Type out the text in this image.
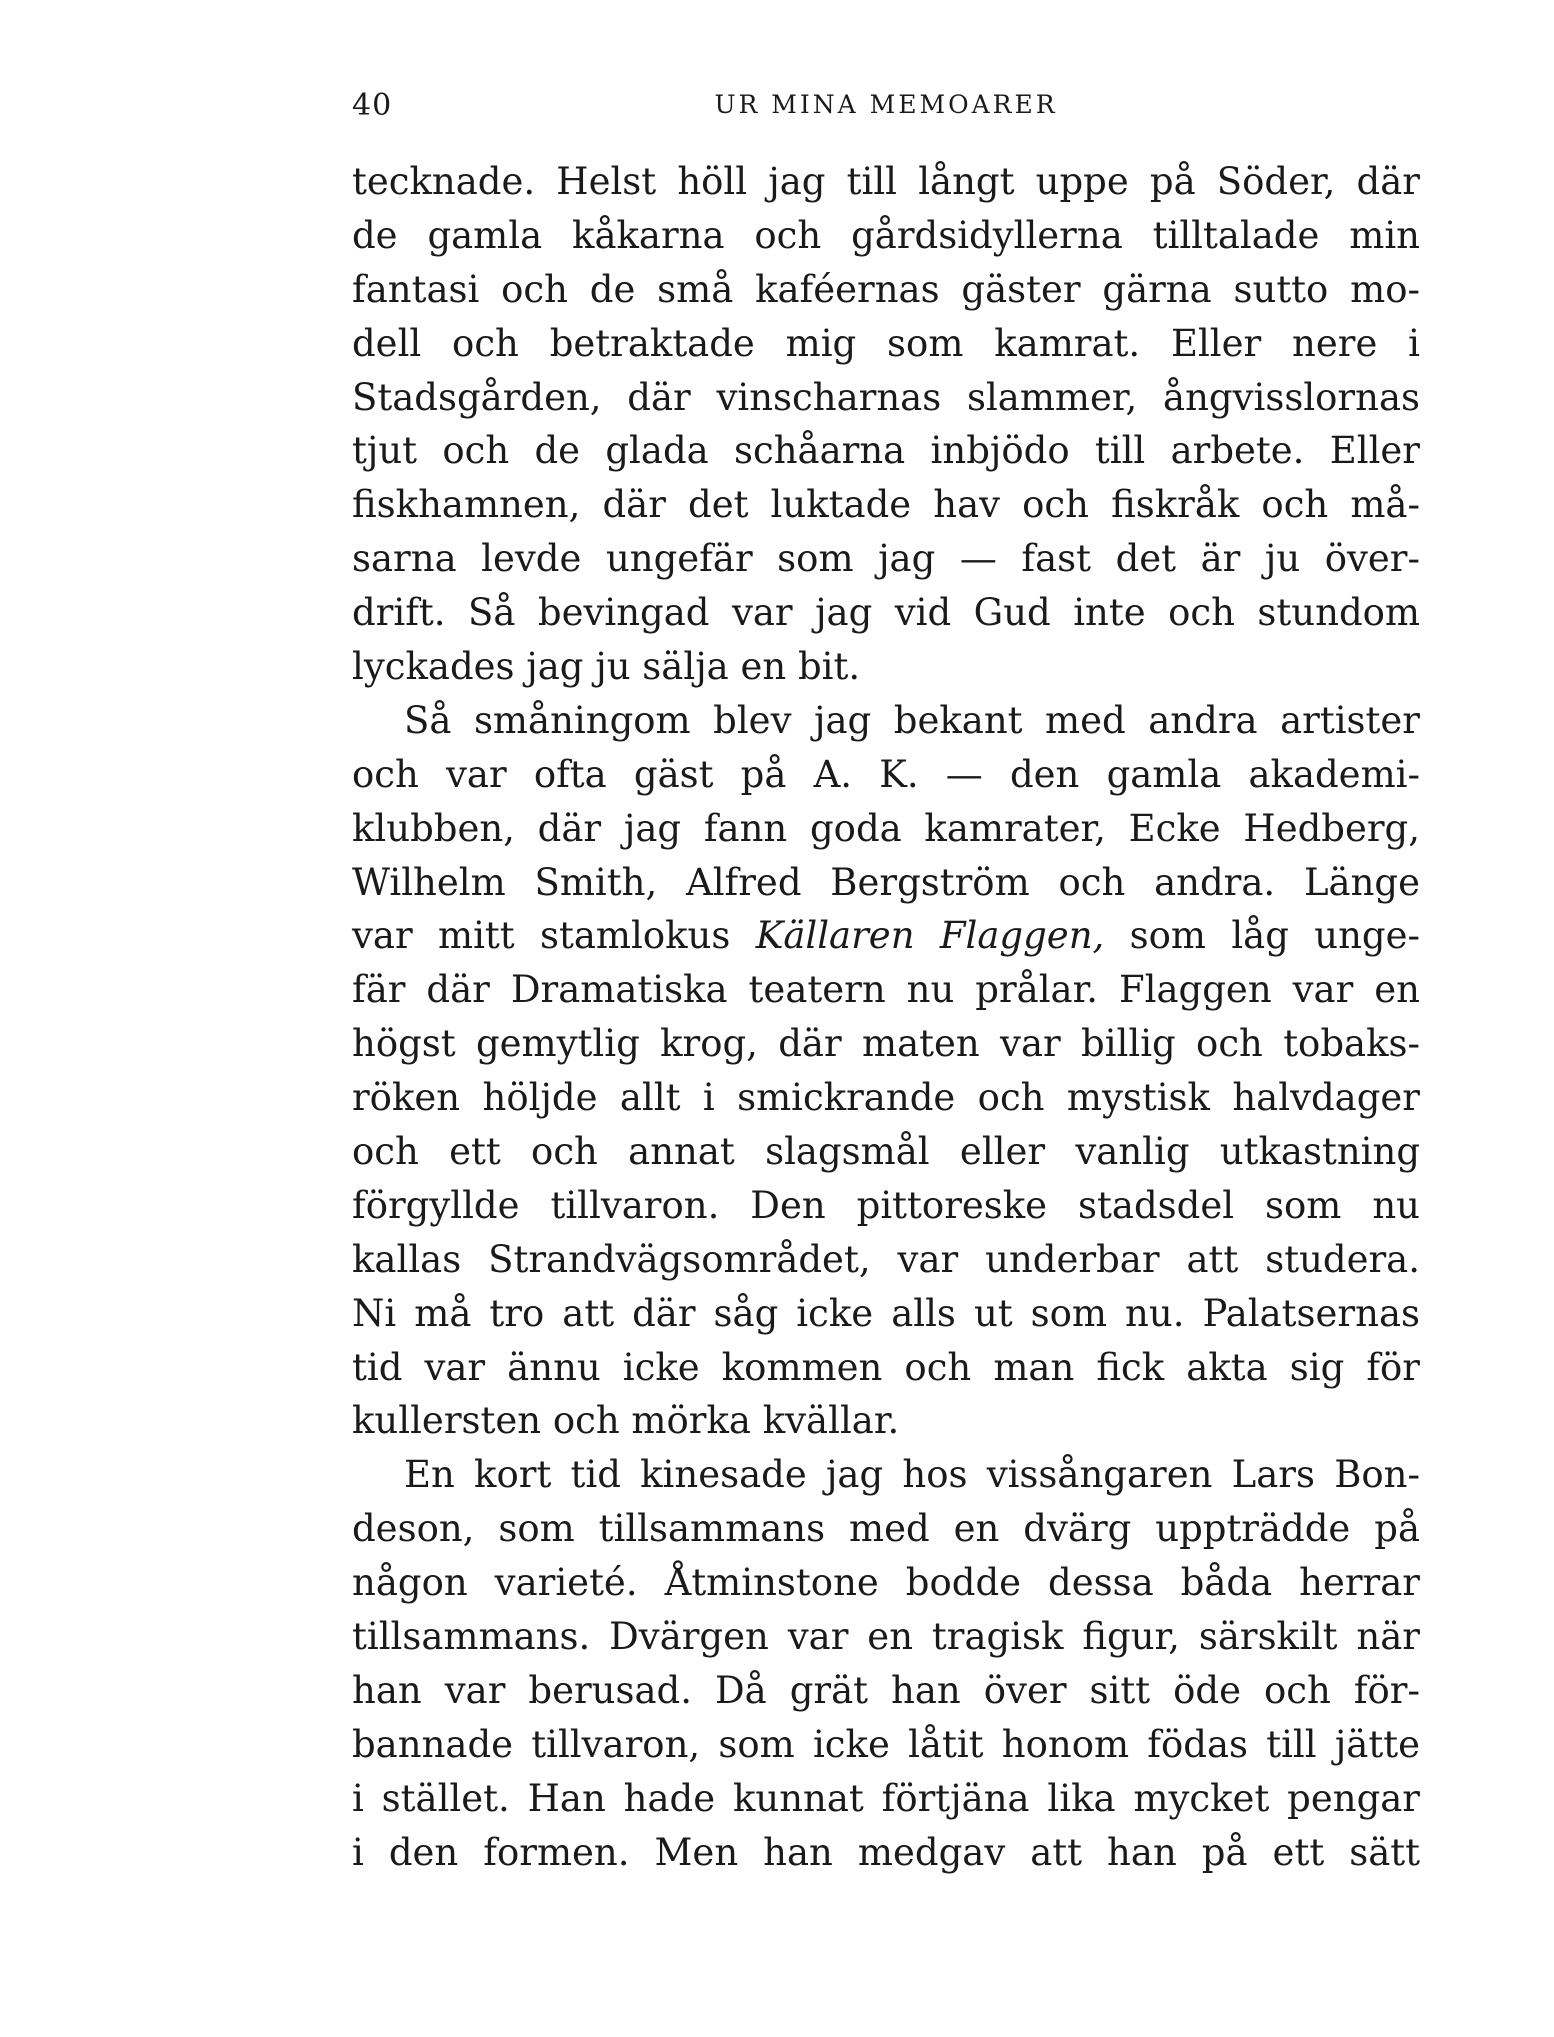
40	UR MINA MEMOARER
tecknade. Helst höll jag till långt uppe på Söder, där
de gamla kåkarna och gårdsidyllerna tilltalade min
fantasi och de små kaféernas gäster gärna sutto mo-
dell och betraktade mig som kamrat. Eller nere i
Stadsgården, där vinscharnas slammer, ångvisslornas
tjut och de glada schåarna inbjödo till arbete. Eller
fiskhamnen, där det luktade hav och fiskråk och må-
sarna levde ungefär som jag — fast det är ju över-
drift. Så bevingad var jag vid Gud inte och stundom
lyckades jag ju sälja en bit.
Så småningom blev jag bekant med andra artister
och var ofta gäst på A. K. — den gamla akademi-
klubben, där jag fann goda kamrater, Ecke Hedberg,
Wilhelm Smith, Alfred Bergström och andra. Länge
var mitt stamlokus Källaren Flaggen, som låg unge-
fär där Dramatiska teatern nu prålar. Flaggen var en
högst gemytlig krog, där maten var billig och tobaks-
röken höljde allt i smickrande och mystisk halvdager
och ett och annat slagsmål eller vanlig utkastning
förgyllde tillvaron. Den pittoreske stadsdel som nu
kallas Strandvägsområdet, var underbar att studera.
Ni må tro att där såg icke alls ut som nu. Palatsernas
tid var ännu icke kommen och man fick akta sig för
kullersten och mörka kvällar.
En kort tid kinesade jag hos vissångaren Lars Bon-
deson, som tillsammans med en dvärg uppträdde på
någon varieté. Åtminstone bodde dessa båda herrar
tillsammans. Dvärgen var en tragisk figur, särskilt när
han var berusad. Då grät han över sitt öde och för-
bannade tillvaron, som icke låtit honom födas till jätte
i stället. Han hade kunnat förtjäna lika mycket pengar
i den formen. Men han medgav att han på ett sätt
